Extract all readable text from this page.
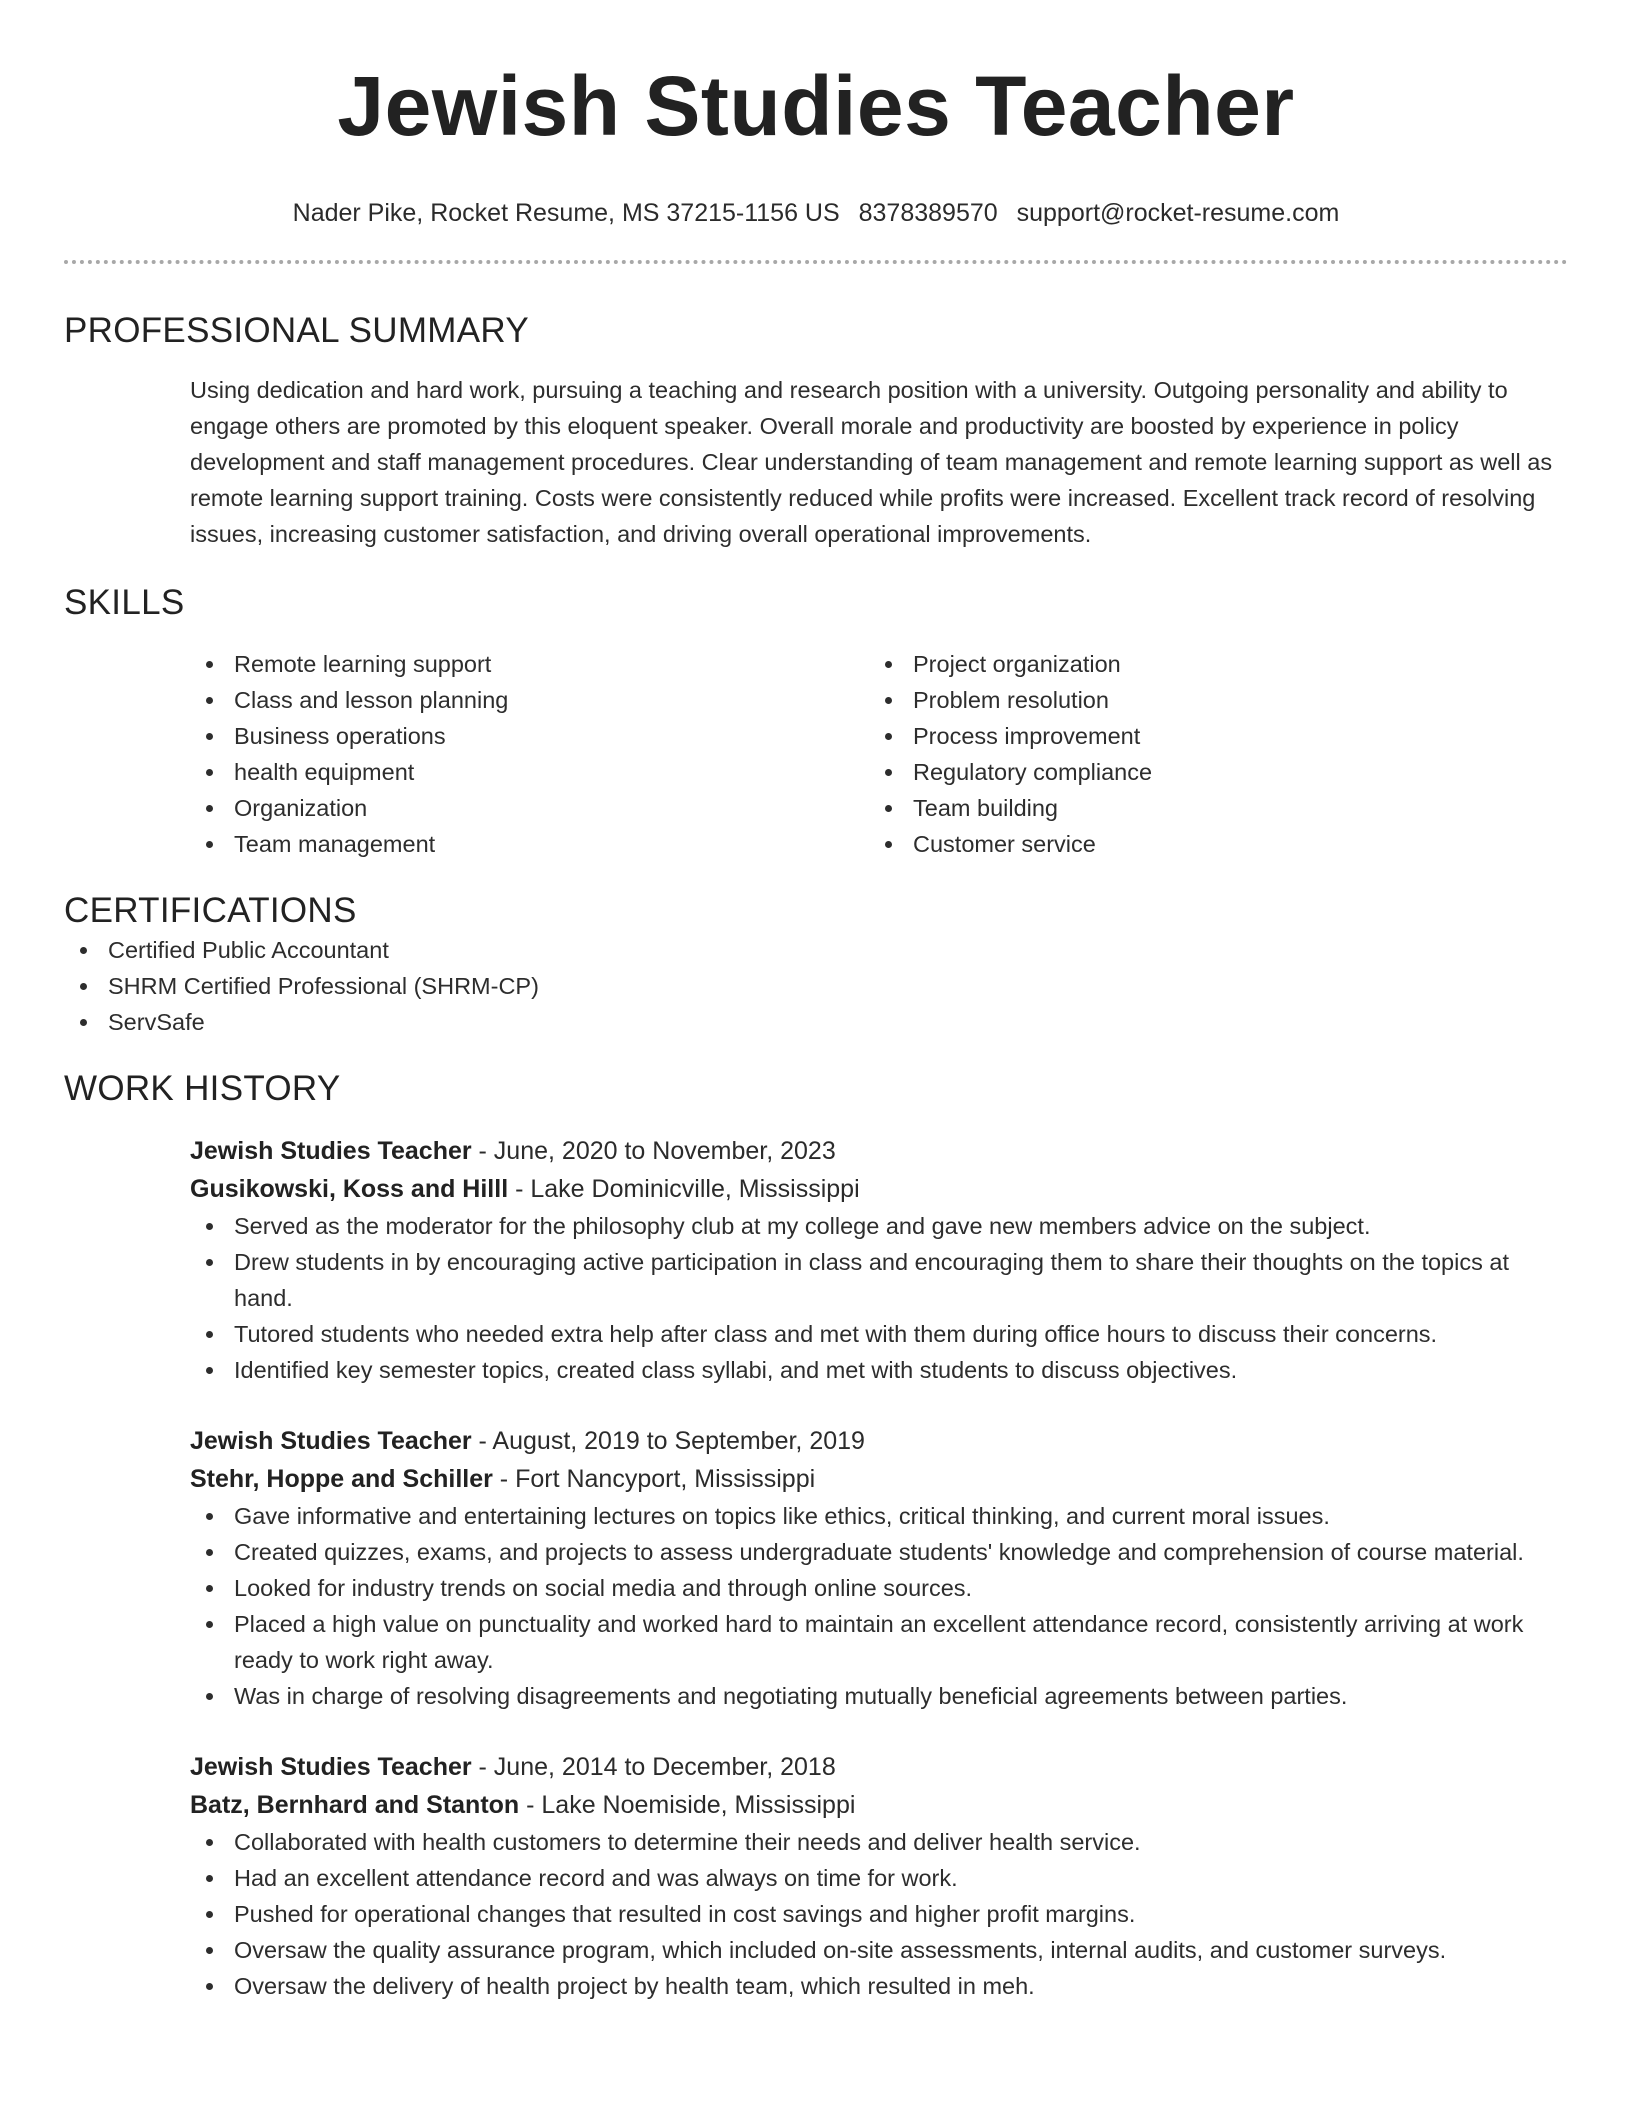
Jewish Studies Teacher
Nader Pike, Rocket Resume, MS 37215-1156 US 8378389570 support@rocket-resume.com
PROFESSIONAL SUMMARY
Using dedication and hard work, pursuing a teaching and research position with a university. Outgoing personality and ability to engage others are promoted by this eloquent speaker. Overall morale and productivity are boosted by experience in policy development and staff management procedures. Clear understanding of team management and remote learning support as well as remote learning support training. Costs were consistently reduced while profits were increased. Excellent track record of resolving issues, increasing customer satisfaction, and driving overall operational improvements.
SKILLS
Remote learning support
Class and lesson planning
Business operations
health equipment
Organization
Team management
Project organization
Problem resolution
Process improvement
Regulatory compliance
Team building
Customer service
CERTIFICATIONS
Certified Public Accountant
SHRM Certified Professional (SHRM-CP)
ServSafe
WORK HISTORY
Jewish Studies Teacher - June, 2020 to November, 2023
Gusikowski, Koss and Hilll - Lake Dominicville, Mississippi
Served as the moderator for the philosophy club at my college and gave new members advice on the subject.
Drew students in by encouraging active participation in class and encouraging them to share their thoughts on the topics at hand.
Tutored students who needed extra help after class and met with them during office hours to discuss their concerns.
Identified key semester topics, created class syllabi, and met with students to discuss objectives.
Jewish Studies Teacher - August, 2019 to September, 2019
Stehr, Hoppe and Schiller - Fort Nancyport, Mississippi
Gave informative and entertaining lectures on topics like ethics, critical thinking, and current moral issues.
Created quizzes, exams, and projects to assess undergraduate students' knowledge and comprehension of course material.
Looked for industry trends on social media and through online sources.
Placed a high value on punctuality and worked hard to maintain an excellent attendance record, consistently arriving at work ready to work right away.
Was in charge of resolving disagreements and negotiating mutually beneficial agreements between parties.
Jewish Studies Teacher - June, 2014 to December, 2018
Batz, Bernhard and Stanton - Lake Noemiside, Mississippi
Collaborated with health customers to determine their needs and deliver health service.
Had an excellent attendance record and was always on time for work.
Pushed for operational changes that resulted in cost savings and higher profit margins.
Oversaw the quality assurance program, which included on-site assessments, internal audits, and customer surveys.
Oversaw the delivery of health project by health team, which resulted in meh.
